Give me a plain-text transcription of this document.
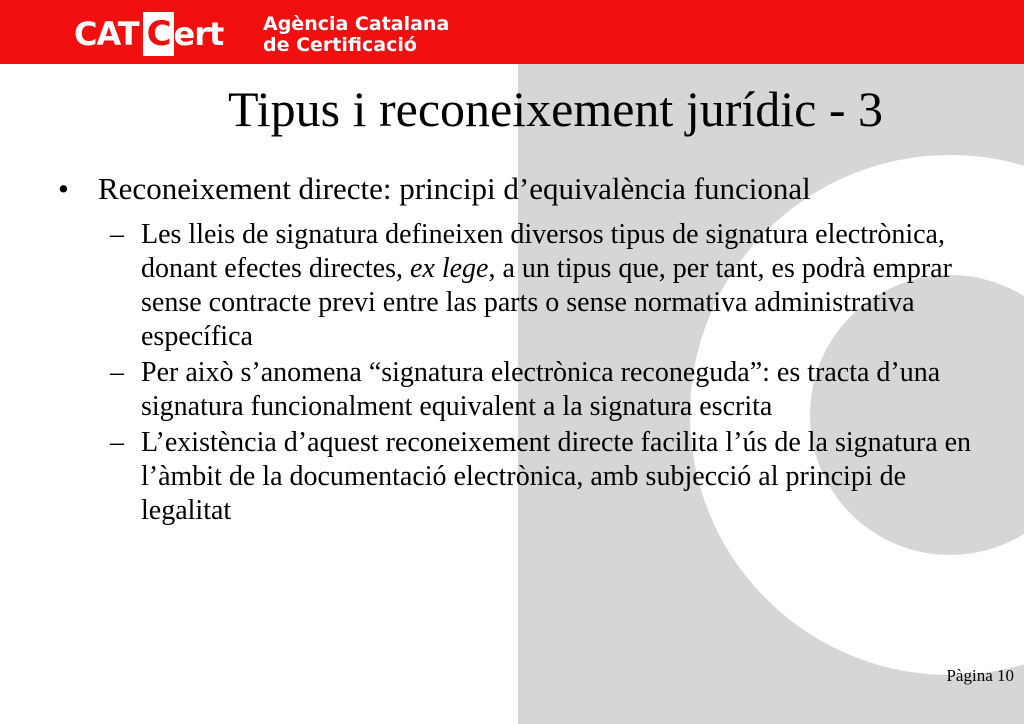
CAT C ert Agència Catalana
de Certificació
Tipus i reconeixement jurídic - 3
• Reconeixement directe: principi d’equivalència funcional
– Les lleis de signatura defineixen diversos tipus de signatura electrònica, donant efectes directes, ex lege, a un tipus que, per tant, es podrà emprar sense contracte previ entre las parts o sense normativa administrativa específica
– Per això s’anomena “signatura electrònica reconeguda”: es tracta d’una signatura funcionalment equivalent a la signatura escrita
– L’existència d’aquest reconeixement directe facilita l’ús de la signatura en l’àmbit de la documentació electrònica, amb subjecció al principi de legalitat
Pàgina 10
